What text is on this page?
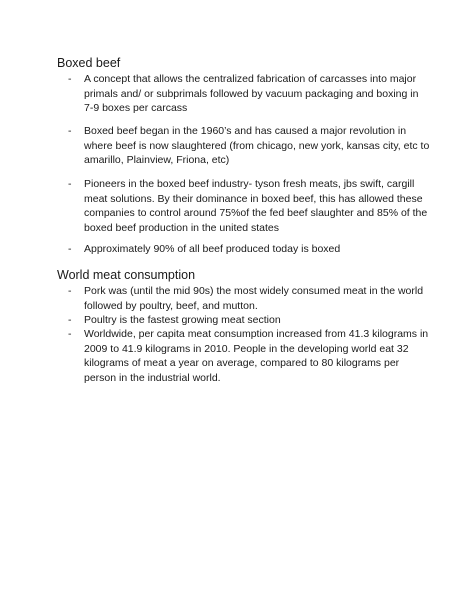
Boxed beef
- A concept that allows the centralized fabrication of carcasses into major
primals and/ or subprimals followed by vacuum packaging and boxing in
7-9 boxes per carcass
- Boxed beef began in the 1960’s and has caused a major revolution in
where beef is now slaughtered (from chicago, new york, kansas city, etc to
amarillo, Plainview, Friona, etc)
- Pioneers in the boxed beef industry- tyson fresh meats, jbs swift, cargill
meat solutions. By their dominance in boxed beef, this has allowed these
companies to control around 75%of the fed beef slaughter and 85% of the
boxed beef production in the united states
- Approximately 90% of all beef produced today is boxed
World meat consumption
- Pork was (until the mid 90s) the most widely consumed meat in the world
followed by poultry, beef, and mutton.
- Poultry is the fastest growing meat section
- Worldwide, per capita meat consumption increased from 41.3 kilograms in
2009 to 41.9 kilograms in 2010. People in the developing world eat 32
kilograms of meat a year on average, compared to 80 kilograms per
person in the industrial world.
